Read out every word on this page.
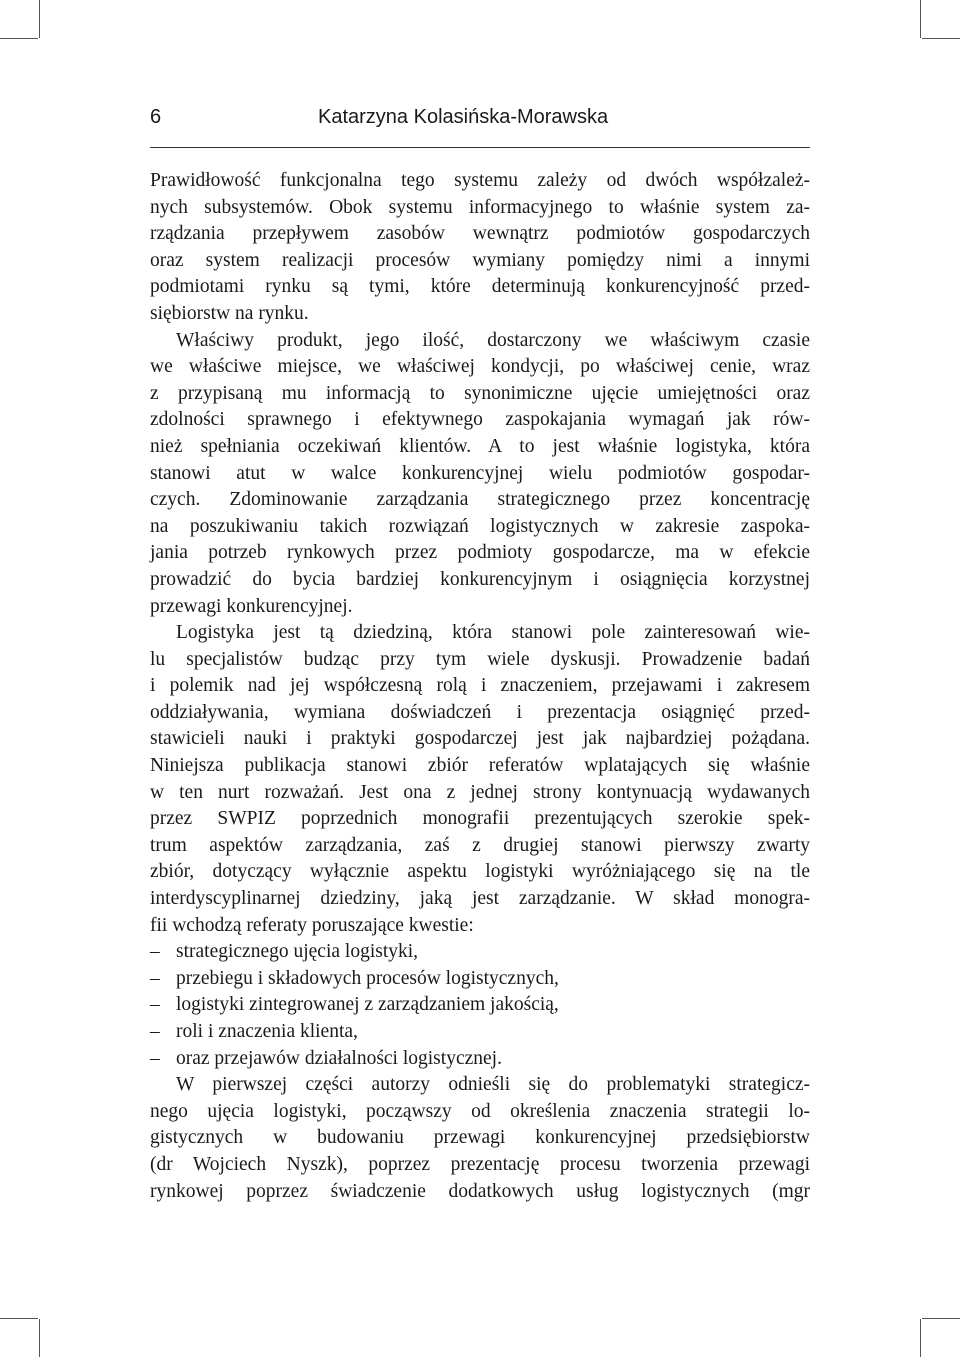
6	Katarzyna Kolasińska-Morawska

Prawidłowość funkcjonalna tego systemu zależy od dwóch współzależ-
nych subsystemów. Obok systemu informacyjnego to właśnie system za-
rządzania przepływem zasobów wewnątrz podmiotów gospodarczych
oraz system realizacji procesów wymiany pomiędzy nimi a innymi
podmiotami rynku są tymi, które determinują konkurencyjność przed-
siębiorstw na rynku.

Właściwy produkt, jego ilość, dostarczony we właściwym czasie
we właściwe miejsce, we właściwej kondycji, po właściwej cenie, wraz
z przypisaną mu informacją to synonimiczne ujęcie umiejętności oraz
zdolności sprawnego i efektywnego zaspokajania wymagań jak rów-
nież spełniania oczekiwań klientów. A to jest właśnie logistyka, która
stanowi atut w walce konkurencyjnej wielu podmiotów gospodar-
czych. Zdominowanie zarządzania strategicznego przez koncentrację
na poszukiwaniu takich rozwiązań logistycznych w zakresie zaspoka-
jania potrzeb rynkowych przez podmioty gospodarcze, ma w efekcie
prowadzić do bycia bardziej konkurencyjnym i osiągnięcia korzystnej
przewagi konkurencyjnej.

Logistyka jest tą dziedziną, która stanowi pole zainteresowań wie-
lu specjalistów budząc przy tym wiele dyskusji. Prowadzenie badań
i polemik nad jej współczesną rolą i znaczeniem, przejawami i zakresem
oddziaływania, wymiana doświadczeń i prezentacja osiągnięć przed-
stawicieli nauki i praktyki gospodarczej jest jak najbardziej pożądana.
Niniejsza publikacja stanowi zbiór referatów wplatających się właśnie
w ten nurt rozważań. Jest ona z jednej strony kontynuacją wydawanych
przez SWPIZ poprzednich monografii prezentujących szerokie spek-
trum aspektów zarządzania, zaś z drugiej stanowi pierwszy zwarty
zbiór, dotyczący wyłącznie aspektu logistyki wyróżniającego się na tle
interdyscyplinarnej dziedziny, jaką jest zarządzanie. W skład monogra-
fii wchodzą referaty poruszające kwestie:

– strategicznego ujęcia logistyki,
– przebiegu i składowych procesów logistycznych,
– logistyki zintegrowanej z zarządzaniem jakością,
– roli i znaczenia klienta,
– oraz przejawów działalności logistycznej.

W pierwszej części autorzy odnieśli się do problematyki strategicz-
nego ujęcia logistyki, począwszy od określenia znaczenia strategii lo-
gistycznych w budowaniu przewagi konkurencyjnej przedsiębiorstw
(dr Wojciech Nyszk), poprzez prezentację procesu tworzenia przewagi
rynkowej poprzez świadczenie dodatkowych usług logistycznych (mgr
